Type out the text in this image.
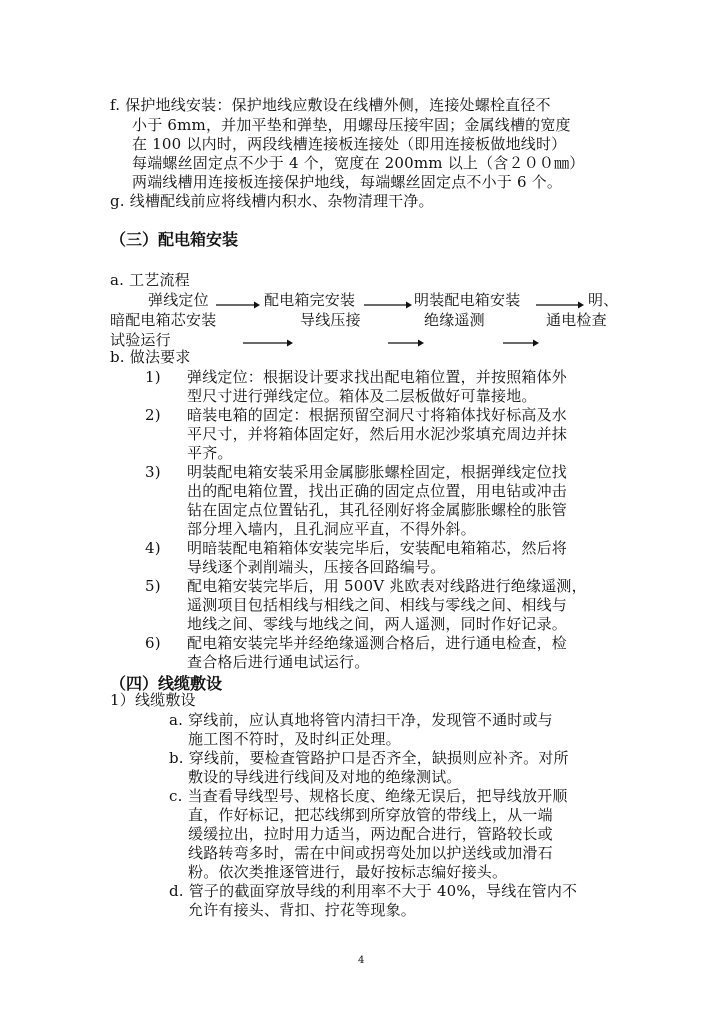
f. 保护地线安装：保护地线应敷设在线槽外侧，连接处螺栓直径不
小于 6mm，并加平垫和弹垫，用螺母压接牢固；金属线槽的宽度
在 100 以内时，两段线槽连接板连接处（即用连接板做地线时）
每端螺丝固定点不少于 4 个，宽度在 200mm 以上（含２００㎜）
两端线槽用连接板连接保护地线，每端螺丝固定点不小于 6 个。
g. 线槽配线前应将线槽内积水、杂物清理干净。
（三）配电箱安装
a. 工艺流程
弹线定位	配电箱完安装	明装配电箱安装	明、
暗配电箱芯安装	导线压接	绝缘遥测	通电检查
试验运行
b. 做法要求
1) 弹线定位：根据设计要求找出配电箱位置，并按照箱体外
型尺寸进行弹线定位。箱体及二层板做好可靠接地。
2) 暗装电箱的固定：根据预留空洞尺寸将箱体找好标高及水
平尺寸，并将箱体固定好，然后用水泥沙浆填充周边并抹
平齐。
3) 明装配电箱安装采用金属膨胀螺栓固定，根据弹线定位找
出的配电箱位置，找出正确的固定点位置，用电钻或冲击
钻在固定点位置钻孔，其孔径刚好将金属膨胀螺栓的胀管
部分埋入墙内，且孔洞应平直，不得外斜。
4) 明暗装配电箱箱体安装完毕后，安装配电箱箱芯，然后将
导线逐个剥削端头，压接各回路编号。
5) 配电箱安装完毕后，用 500V 兆欧表对线路进行绝缘遥测，
遥测项目包括相线与相线之间、相线与零线之间、相线与
地线之间、零线与地线之间，两人遥测，同时作好记录。
6) 配电箱安装完毕并经绝缘遥测合格后，进行通电检查，检
查合格后进行通电试运行。
（四）线缆敷设
1）线缆敷设
a. 穿线前，应认真地将管内清扫干净，发现管不通时或与
施工图不符时，及时纠正处理。
b. 穿线前，要检查管路护口是否齐全，缺损则应补齐。对所
敷设的导线进行线间及对地的绝缘测试。
c. 当查看导线型号、规格长度、绝缘无误后，把导线放开顺
直，作好标记，把芯线绑到所穿放管的带线上，从一端
缓缓拉出，拉时用力适当，两边配合进行，管路较长或
线路转弯多时，需在中间或拐弯处加以护送线或加滑石
粉。依次类推逐管进行，最好按标志编好接头。
d. 管子的截面穿放导线的利用率不大于 40%，导线在管内不
允许有接头、背扣、拧花等现象。
4
